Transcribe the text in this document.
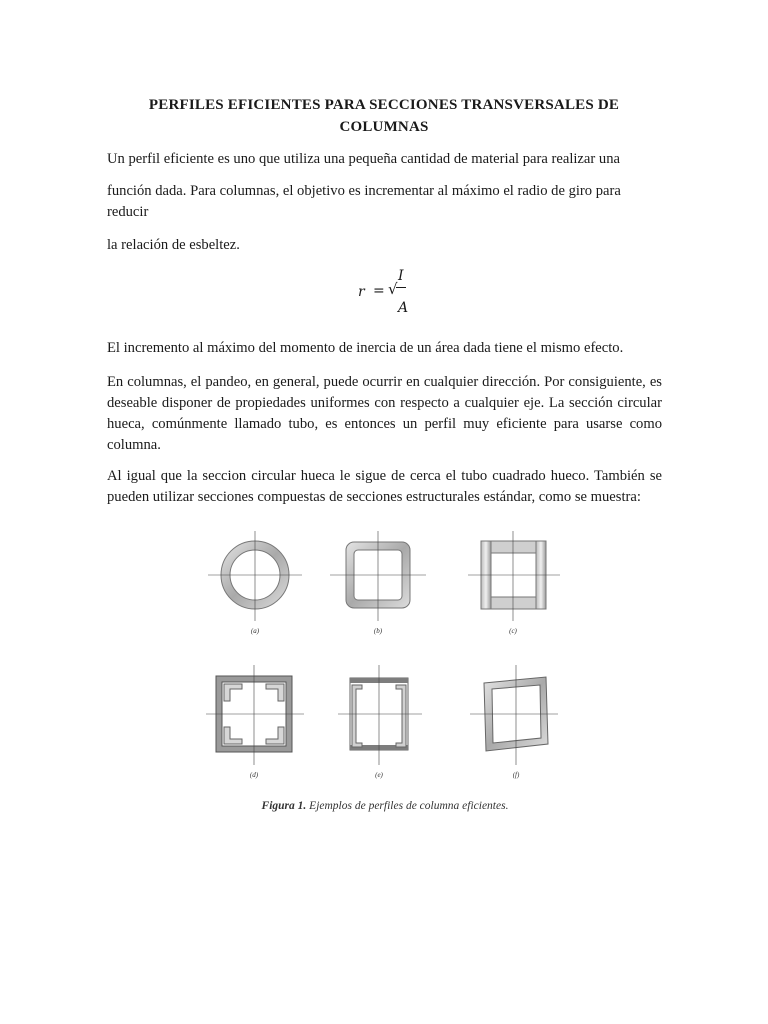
PERFILES EFICIENTES PARA SECCIONES TRANSVERSALES DE COLUMNAS

Un perfil eficiente es uno que utiliza una pequeña cantidad de material para realizar una

función dada. Para columnas, el objetivo es incrementar al máximo el radio de giro para reducir

la relación de esbeltez.

r = √
I
A

El incremento al máximo del momento de inercia de un área dada tiene el mismo efecto.

En columnas, el pandeo, en general, puede ocurrir en cualquier dirección. Por consiguiente, es deseable disponer de propiedades uniformes con respecto a cualquier eje. La sección circular hueca, comúnmente llamado tubo, es entonces un perfil muy eficiente para usarse como columna.

Al igual que la seccion circular hueca le sigue de cerca el tubo cuadrado hueco. También se pueden utilizar secciones compuestas de secciones estructurales estándar, como se muestra:

(a)	(b)	(c)
(d)	(e)	(f)
Figura 1. Ejemplos de perfiles de columna eficientes.
